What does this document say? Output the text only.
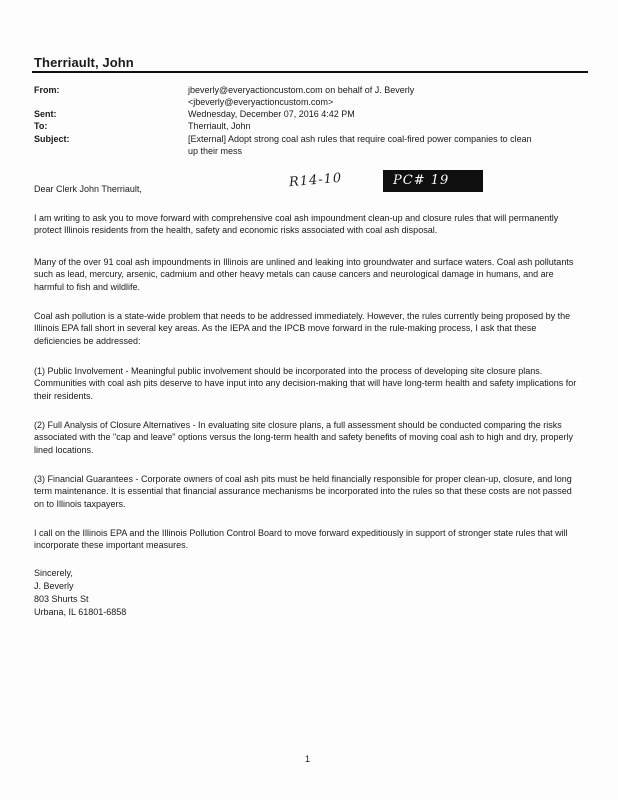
Therriault, John
From:	jbeverly@everyactioncustom.com on behalf of J. Beverly
<jbeverly@everyactioncustom.com>
Sent:	Wednesday, December 07, 2016 4:42 PM
To:	Therriault, John
Subject:	[External] Adopt strong coal ash rules that require coal-fired power companies to clean
up their mess
Dear Clerk John Therriault,	R14-10	PC# 19
I am writing to ask you to move forward with comprehensive coal ash impoundment clean-up and closure rules that will permanently protect Illinois residents from the health, safety and economic risks associated with coal ash disposal.
Many of the over 91 coal ash impoundments in Illinois are unlined and leaking into groundwater and surface waters. Coal ash pollutants such as lead, mercury, arsenic, cadmium and other heavy metals can cause cancers and neurological damage in humans, and are harmful to fish and wildlife.
Coal ash pollution is a state-wide problem that needs to be addressed immediately. However, the rules currently being proposed by the Illinois EPA fall short in several key areas. As the IEPA and the IPCB move forward in the rule-making process, I ask that these deficiencies be addressed:
(1) Public Involvement - Meaningful public involvement should be incorporated into the process of developing site closure plans. Communities with coal ash pits deserve to have input into any decision-making that will have long-term health and safety implications for their residents.
(2) Full Analysis of Closure Alternatives - In evaluating site closure plans, a full assessment should be conducted comparing the risks associated with the "cap and leave" options versus the long-term health and safety benefits of moving coal ash to high and dry, properly lined locations.
(3) Financial Guarantees - Corporate owners of coal ash pits must be held financially responsible for proper clean-up, closure, and long term maintenance. It is essential that financial assurance mechanisms be incorporated into the rules so that these costs are not passed on to Illinois taxpayers.
I call on the Illinois EPA and the Illinois Pollution Control Board to move forward expeditiously in support of stronger state rules that will incorporate these important measures.
Sincerely,
J. Beverly
803 Shurts St
Urbana, IL 61801-6858
1
